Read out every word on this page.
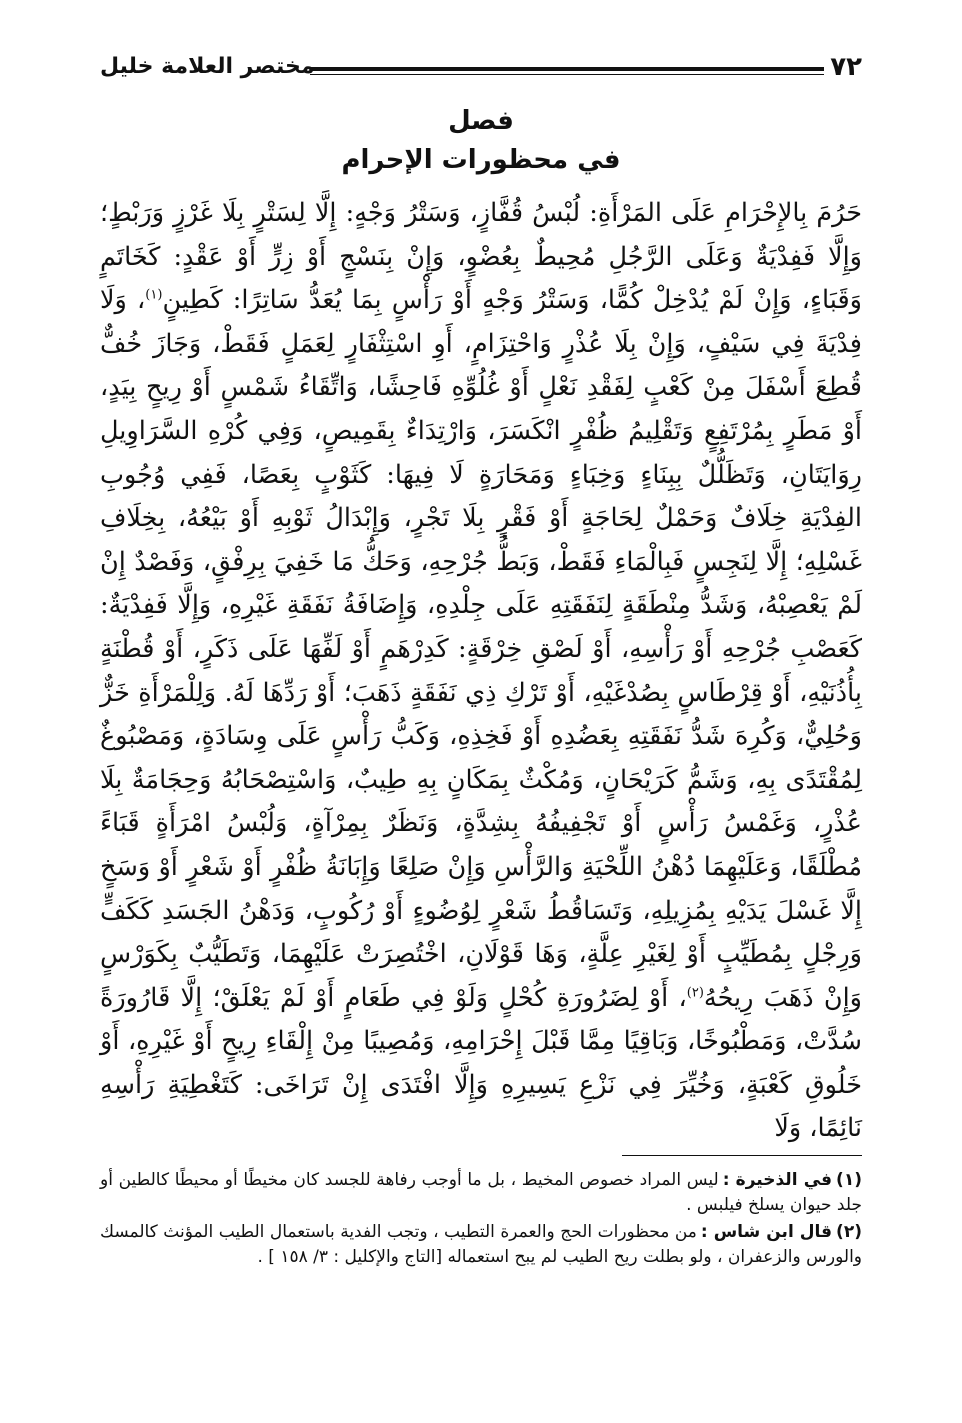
٧٢
مختصر العلامة خليل
فصل
في محظورات الإحرام
حَرُمَ بِالإِحْرَامِ عَلَى المَرْأَةِ: لُبْسُ قُفَّازٍ، وَسَتْرُ وَجْهٍ: إِلَّا لِسَتْرٍ بِلَا غَرْزٍ وَرَبْطٍ؛ وَإِلَّا فَفِدْيَةٌ وَعَلَى الرَّجُلِ مُحِيطٌ بِعُضْوٍ، وَإِنْ بِنَسْجٍ أَوْ زِرٍّ أَوْ عَقْدٍ: كَخَاتَمٍ وَقَبَاءٍ، وَإِنْ لَمْ يُدْخِلْ كُمًّا، وَسَتْرُ وَجْهٍ أَوْ رَأْسٍ بِمَا يُعَدُّ سَاتِرًا: كَطِينٍ$^{(١)}$، وَلَا فِدْيَةَ فِي سَيْفٍ، وَإِنْ بِلَا عُذْرٍ وَاحْتِزَامٍ، أَوِ اسْتِثْفَارٍ لِعَمَلٍ فَقَطْ، وَجَازَ خُفٌّ قُطِعَ أَسْفَلَ مِنْ كَعْبٍ لِفَقْدِ نَعْلٍ أَوْ غُلُوِّهِ فَاحِشًا، وَاتِّقَاءُ شَمْسٍ أَوْ رِيحٍ بِيَدٍ، أَوْ مَطَرٍ بِمُرْتَفِعٍ وَتَقْلِيمُ ظُفْرٍ انْكَسَرَ، وَارْتِدَاءٌ بِقَمِيصٍ، وَفِي كُرْهِ السَّرَاوِيلِ رِوَايَتَانِ، وَتَظَلُّلٌ بِبِنَاءٍ وَخِبَاءٍ وَمَحَارَةٍ لَا فِيهَا: كَثَوْبٍ بِعَصًا، فَفِي وُجُوبِ الفِدْيَةِ خِلَافٌ وَحَمْلٌ لِحَاجَةٍ أَوْ فَقْرٍ بِلَا تَجْرٍ، وَإِبْدَالُ ثَوْبِهِ أَوْ بَيْعُهُ، بِخِلَافِ غَسْلِهِ؛ إِلَّا لِنَجِسٍ فَبِالْمَاءِ فَقَطْ، وَبَطُّ جُرْحِهِ، وَحَكُّ مَا خَفِيَ بِرِفْقٍ، وَفَصْدٌ إِنْ لَمْ يَعْصِبْهُ، وَشَدُّ مِنْطَقَةٍ لِنَفَقَتِهِ عَلَى جِلْدِهِ، وَإِضَافَةُ نَفَقَةِ غَيْرِهِ، وَإِلَّا فَفِدْيَةٌ: كَعَصْبِ جُرْحِهِ أَوْ رَأْسِهِ، أَوْ لَصْقِ خِرْقَةٍ: كَدِرْهَمٍ أَوْ لَفِّهَا عَلَى ذَكَرٍ، أَوْ قُطْنَةٍ بِأُذُنَيْهِ، أَوْ قِرْطَاسٍ بِصُدْغَيْهِ، أَوْ تَرْكِ ذِي نَفَقَةٍ ذَهَبَ؛ أَوْ رَدِّهَا لَهُ. وَلِلْمَرْأَةِ خَزٌّ وَحُلِيٌّ، وَكُرِهَ شَدُّ نَفَقَتِهِ بِعَضُدِهِ أَوْ فَخِذِهِ، وَكَبُّ رَأْسٍ عَلَى وِسَادَةٍ، وَمَصْبُوغٌ لِمُقْتَدًى بِهِ، وَشَمُّ كَرَيْحَانٍ، وَمُكْثٌ بِمَكَانٍ بِهِ طِيبٌ، وَاسْتِصْحَابُهُ وَحِجَامَةٌ بِلَا عُذْرٍ، وَغَمْسُ رَأْسٍ أَوْ تَجْفِيفُهُ بِشِدَّةٍ، وَنَظَرٌ بِمِرْآةٍ، وَلُبْسُ امْرَأَةٍ قَبَاءً مُطْلَقًا، وَعَلَيْهِمَا دُهْنُ اللِّحْيَةِ وَالرَّأْسِ وَإِنْ صَلِعًا وَإِبَانَةُ ظُفْرٍ أَوْ شَعْرٍ أَوْ وَسَخٍ إِلَّا غَسْلَ يَدَيْهِ بِمُزِيلِهِ، وَتَسَاقُطُ شَعْرٍ لِوُضُوءٍ أَوْ رُكُوبٍ، وَدَهْنُ الجَسَدِ كَكَفٍّ وَرِجْلٍ بِمُطَيِّبٍ أَوْ لِغَيْرِ عِلَّةٍ، وَهَا قَوْلَانِ، اخْتُصِرَتْ عَلَيْهِمَا، وَتَطَيُّبٌ بِكَوَرْسٍ وَإِنْ ذَهَبَ رِيحُهُ$^{(٢)}$، أَوْ لِضَرُورَةِ كُحْلٍ وَلَوْ فِي طَعَامٍ أَوْ لَمْ يَعْلَقْ؛ إِلَّا قَارُورَةً سُدَّتْ، وَمَطْبُوخًا، وَبَاقِيًا مِمَّا قَبْلَ إِحْرَامِهِ، وَمُصِيبًا مِنْ إِلْقَاءِ رِيحٍ أَوْ غَيْرِهِ، أَوْ خَلُوقِ كَعْبَةٍ، وَخُيِّرَ فِي نَزْعِ يَسِيرِهِ وَإِلَّا افْتَدَى إِنْ تَرَاخَى: كَتَغْطِيَةِ رَأْسِهِ نَائِمًا، وَلَا

(١)في الذخيرة :ليس المراد خصوص المخيط ، بل ما أوجب رفاهة للجسد كان مخيطًا أو محيطًا كالطين أو جلد حيوان يسلخ فيلبس .

(٢)قال ابن شاس :من محظورات الحج والعمرة التطيب ، وتجب الفدية باستعمال الطيب المؤنث كالمسك والورس والزعفران ، ولو بطلت ريح الطيب لم يبح استعماله [التاج والإكليل : ٣/ ١٥٨ ] .
